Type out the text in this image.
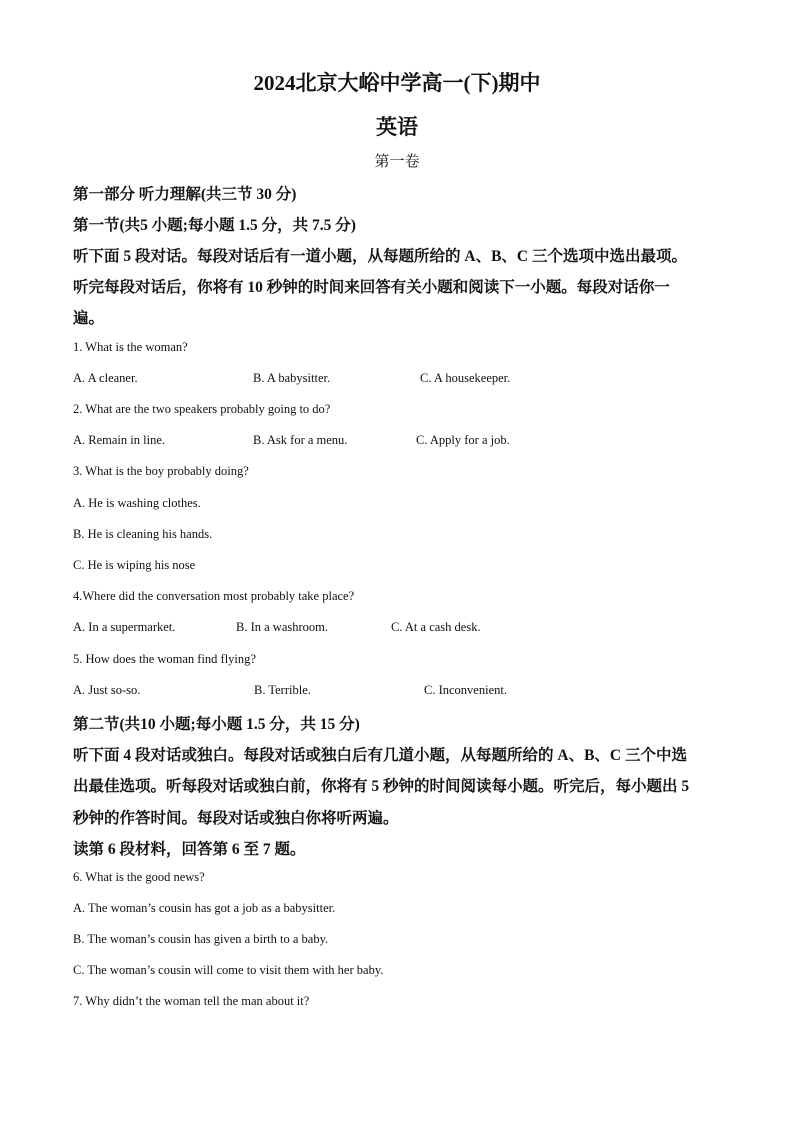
2024北京大峪中学高一(下)期中
英语
第一卷
第一部分 听力理解(共三节 30 分)
第一节(共5 小题;每小题 1.5 分，共 7.5 分)
听下面 5 段对话。每段对话后有一道小题，从每题所给的 A、B、C 三个选项中选出最项。
听完每段对话后，你将有 10 秒钟的时间来回答有关小题和阅读下一小题。每段对话你一
遍。
1. What is the woman?
A. A cleaner.	B. A babysitter.	C. A housekeeper.
2. What are the two speakers probably going to do?
A. Remain in line.	B. Ask for a menu.	C. Apply for a job.
3. What is the boy probably doing?
A. He is washing clothes.
B. He is cleaning his hands.
C. He is wiping his nose
4.Where did the conversation most probably take place?
A. In a supermarket.	B. In a washroom.	C. At a cash desk.
5. How does the woman find flying?
A. Just so-so.	B. Terrible.	C. Inconvenient.
第二节(共10 小题;每小题 1.5 分，共 15 分)
听下面 4 段对话或独白。每段对话或独白后有几道小题，从每题所给的 A、B、C 三个中选
出最佳选项。听每段对话或独白前，你将有 5 秒钟的时间阅读每小题。听完后，每小题出 5
秒钟的作答时间。每段对话或独白你将听两遍。
读第 6 段材料，回答第 6 至 7 题。
6. What is the good news?
A. The woman’s cousin has got a job as a babysitter.
B. The woman’s cousin has given a birth to a baby.
C. The woman’s cousin will come to visit them with her baby.
7. Why didn’t the woman tell the man about it?
